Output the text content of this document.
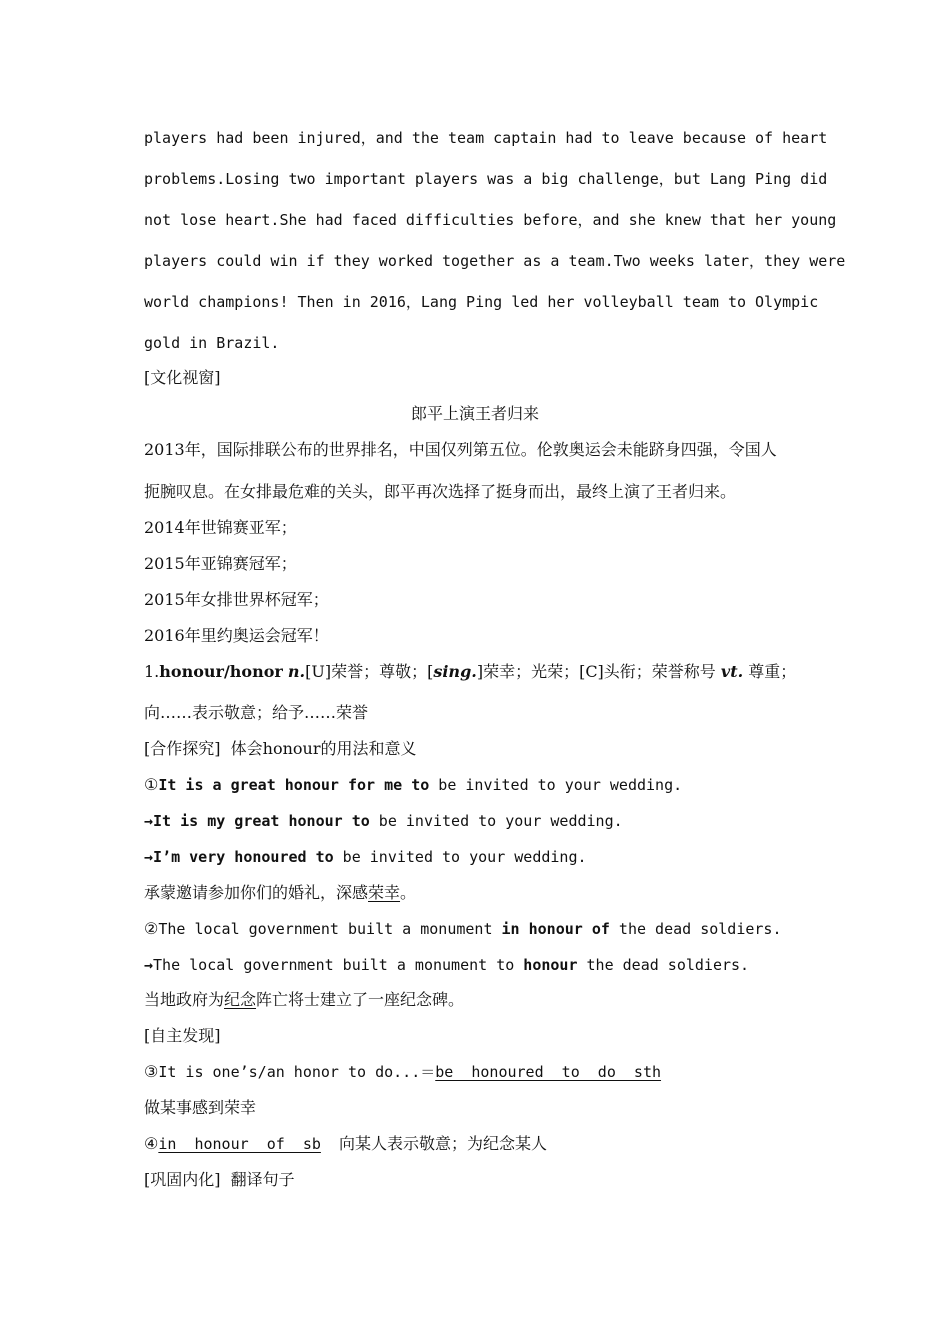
players had been injured，and the team captain had to leave because of heart
problems.Losing two important players was a big challenge，but Lang Ping did
not lose heart.She had faced difficulties before，and she knew that her young
players could win if they worked together as a team.Two weeks later，they were
world champions! Then in 2016，Lang Ping led her volleyball team to Olympic
gold in Brazil.
[文化视窗]
郎平上演王者归来
2013年，国际排联公布的世界排名，中国仅列第五位。伦敦奥运会未能跻身四强，令国人
扼腕叹息。在女排最危难的关头，郎平再次选择了挺身而出，最终上演了王者归来。
2014年世锦赛亚军；
2015年亚锦赛冠军；
2015年女排世界杯冠军；
2016年里约奥运会冠军！
1.honour/honor n.[U]荣誉；尊敬；[sing.]荣幸；光荣；[C]头衔；荣誉称号 vt. 尊重；
向……表示敬意；给予……荣誉
[合作探究] 体会honour的用法和意义
①It is a great honour for me to be invited to your wedding.
→It is my great honour to be invited to your wedding.
→I’m very honoured to be invited to your wedding.
承蒙邀请参加你们的婚礼，深感荣幸。
②The local government built a monument in honour of the dead soldiers.
→The local government built a monument to honour the dead soldiers.
当地政府为纪念阵亡将士建立了一座纪念碑。
[自主发现]
③It is one’s/an honor to do...＝be  honoured  to  do  sth
做某事感到荣幸
④in  honour  of  sb 向某人表示敬意；为纪念某人
[巩固内化] 翻译句子
